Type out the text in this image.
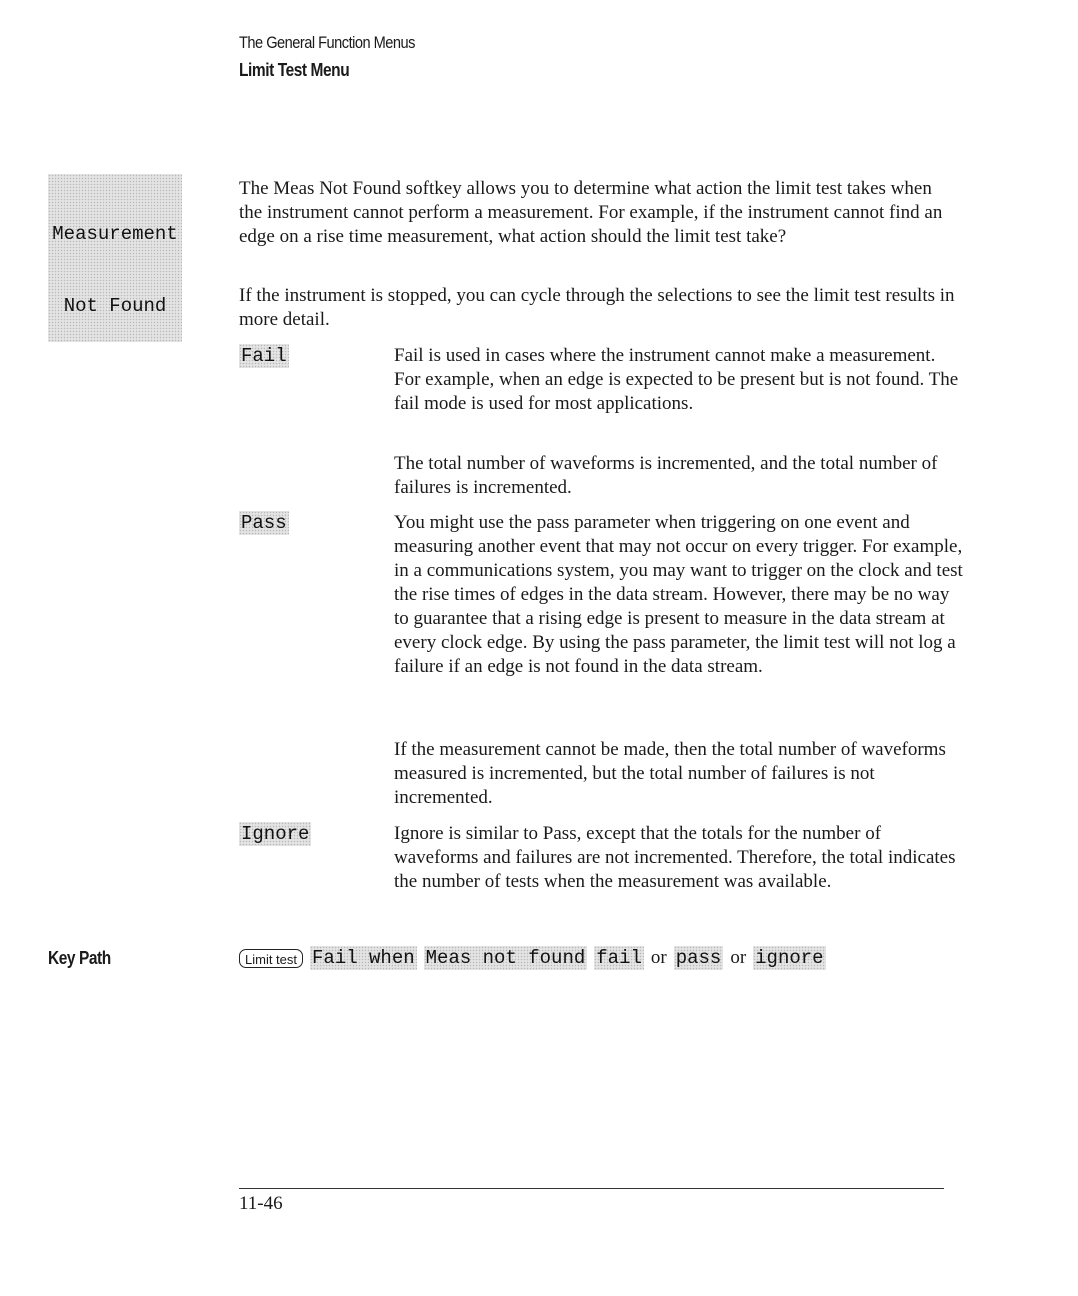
The General Function Menus
Limit Test Menu

Measurement

Not Found

The Meas Not Found softkey allows you to determine what action the limit test takes when the instrument cannot perform a measurement. For example, if the instrument cannot find an edge on a rise time measurement, what action should the limit test take?

If the instrument is stopped, you can cycle through the selections to see the limit test results in more detail.

Fail	Fail is used in cases where the instrument cannot make a measurement. For example, when an edge is expected to be present but is not found. The fail mode is used for most applications.

The total number of waveforms is incremented, and the total number of failures is incremented.

Pass	You might use the pass parameter when triggering on one event and measuring another event that may not occur on every trigger. For example, in a communications system, you may want to trigger on the clock and test the rise times of edges in the data stream. However, there may be no way to guarantee that a rising edge is present to measure in the data stream at every clock edge. By using the pass parameter, the limit test will not log a failure if an edge is not found in the data stream.

If the measurement cannot be made, then the total number of waveforms measured is incremented, but the total number of failures is not incremented.

Ignore	Ignore is similar to Pass, except that the totals for the number of waveforms and failures are not incremented. Therefore, the total indicates the number of tests when the measurement was available.

Key Path	Limit test Fail when Meas not found fail or pass or ignore
11-46
